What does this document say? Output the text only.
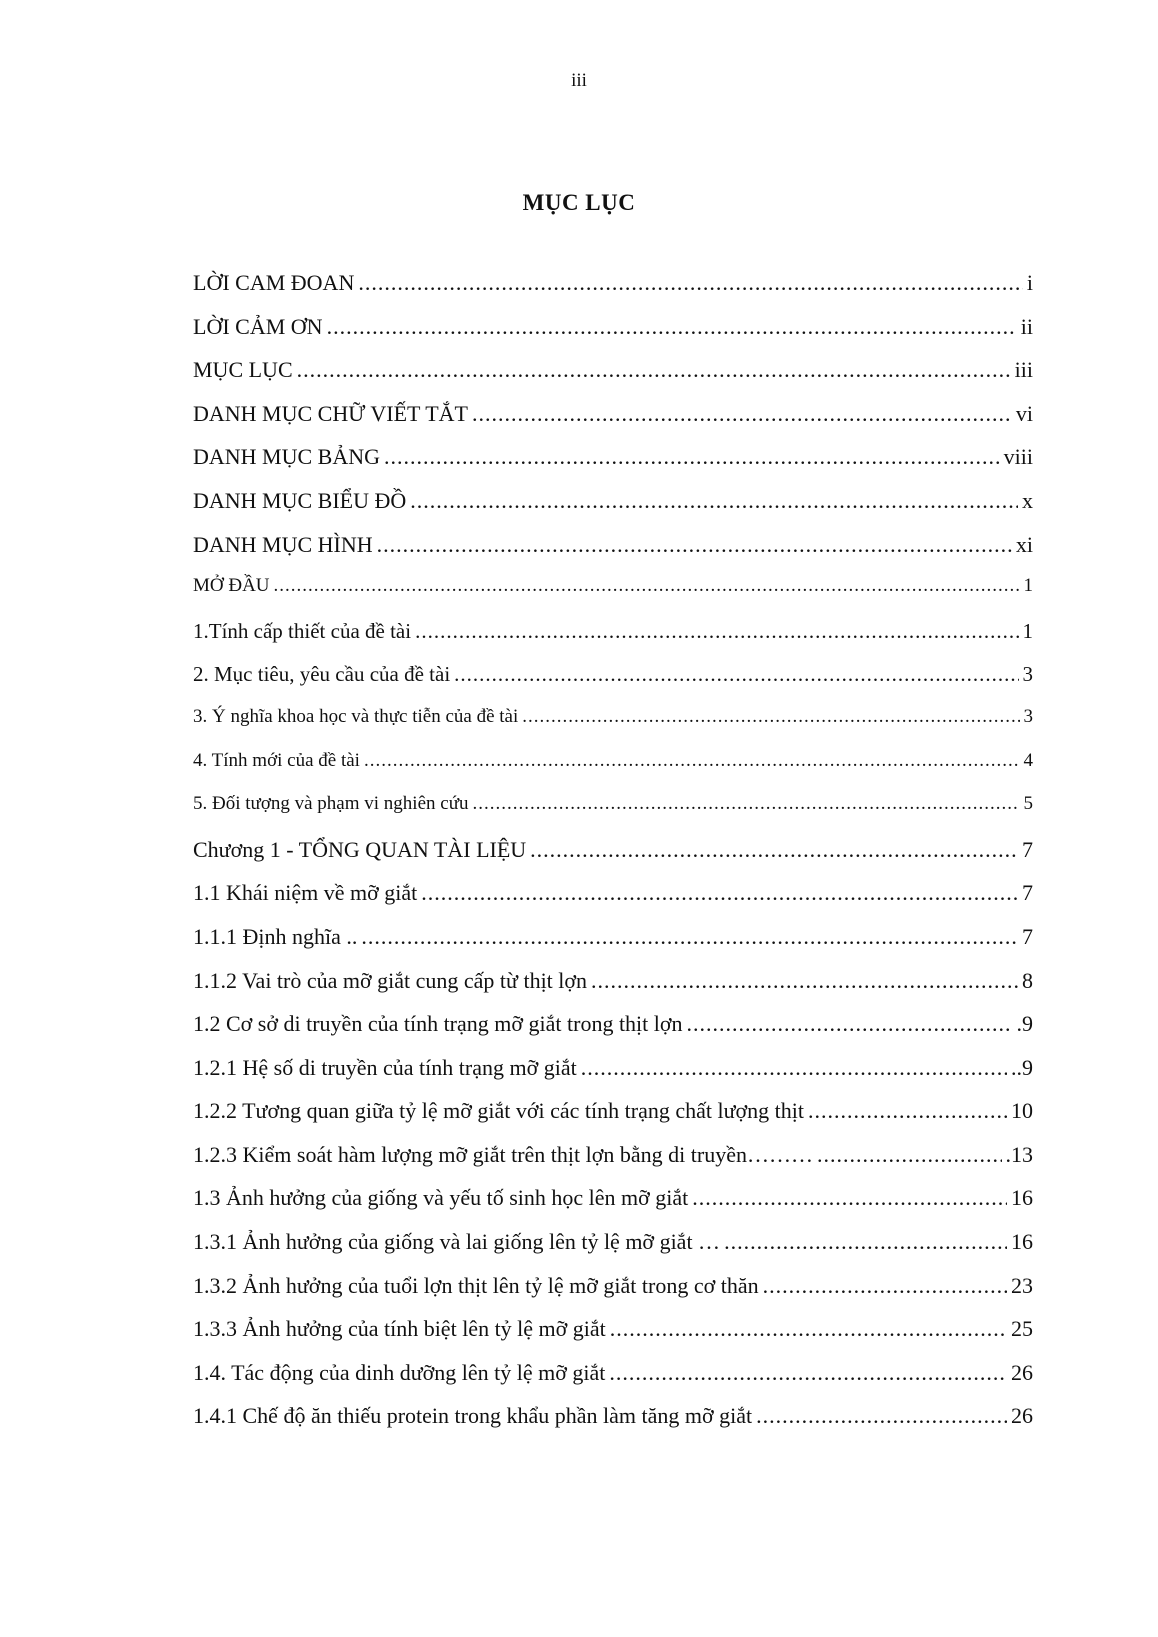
iii
MỤC LỤC
LỜI CAM ĐOAN .....	i
LỜI CẢM ƠN .....	ii
MỤC LỤC .....	iii
DANH MỤC CHỮ VIẾT TẮT .....	vi
DANH MỤC BẢNG .....	viii
DANH MỤC BIỂU ĐỒ .....	x
DANH MỤC HÌNH .....	xi
MỞ ĐẦU .....	1
1.Tính cấp thiết của đề tài .....	1
2. Mục tiêu, yêu cầu của đề tài .....	3
3. Ý nghĩa khoa học và thực tiễn của đề tài .....	3
4. Tính mới của đề tài .....	4
5. Đối tượng và phạm vi nghiên cứu .....	5
Chương 1 - TỔNG QUAN TÀI LIỆU .....	7
1.1 Khái niệm về mỡ giắt .....	7
1.1.1 Định nghĩa .. .....	7
1.1.2 Vai trò của mỡ giắt cung cấp từ thịt lợn .....	8
1.2 Cơ sở di truyền của tính trạng mỡ giắt trong thịt lợn .....	.9
1.2.1 Hệ số di truyền của tính trạng mỡ giắt .....	..9
1.2.2 Tương quan giữa tỷ lệ mỡ giắt với các tính trạng chất lượng thịt .....	10
1.2.3 Kiểm soát hàm lượng mỡ giắt trên thịt lợn bằng di truyền……… .....	.13
1.3 Ảnh hưởng của giống và yếu tố sinh học lên mỡ giắt .....	16
1.3.1 Ảnh hưởng của giống và lai giống lên tỷ lệ mỡ giắt … .....	16
1.3.2 Ảnh hưởng của tuổi lợn thịt lên tỷ lệ mỡ giắt trong cơ thăn .....	23
1.3.3 Ảnh hưởng của tính biệt lên tỷ lệ mỡ giắt .....	25
1.4. Tác động của dinh dưỡng lên tỷ lệ mỡ giắt .....	26
1.4.1 Chế độ ăn thiếu protein trong khẩu phần làm tăng mỡ giắt .....	26
